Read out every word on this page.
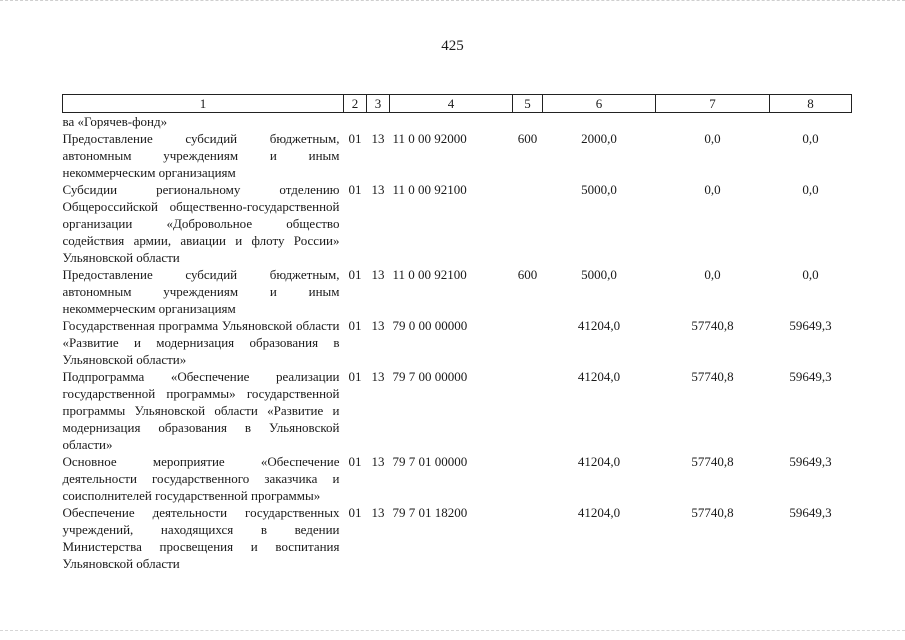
425
1	2	3	4	5	6	7	8
ва «Горячев-фонд»							
Предоставление субсидий бюджетным, автономным учреждениям и иным некоммерческим организациям	01	13	11 0 00 92000	600	2000,0	0,0	0,0
Субсидии региональному отделению Общероссийской общественно-государственной организации «Добровольное общество содействия армии, авиации и флоту России» Ульяновской области	01	13	11 0 00 92100		5000,0	0,0	0,0
Предоставление субсидий бюджетным, автономным учреждениям и иным некоммерческим организациям	01	13	11 0 00 92100	600	5000,0	0,0	0,0
Государственная программа Ульяновской области «Развитие и модернизация образования в Ульяновской области»	01	13	79 0 00 00000		41204,0	57740,8	59649,3
Подпрограмма «Обеспечение реализации государственной программы» государственной программы Ульяновской области «Развитие и модернизация образования в Ульяновской области»	01	13	79 7 00 00000		41204,0	57740,8	59649,3
Основное мероприятие «Обеспечение деятельности государственного заказчика и соисполнителей государственной программы»	01	13	79 7 01 00000		41204,0	57740,8	59649,3
Обеспечение деятельности государственных учреждений, находящихся в ведении Министерства просвещения и воспитания Ульяновской области	01	13	79 7 01 18200		41204,0	57740,8	59649,3
